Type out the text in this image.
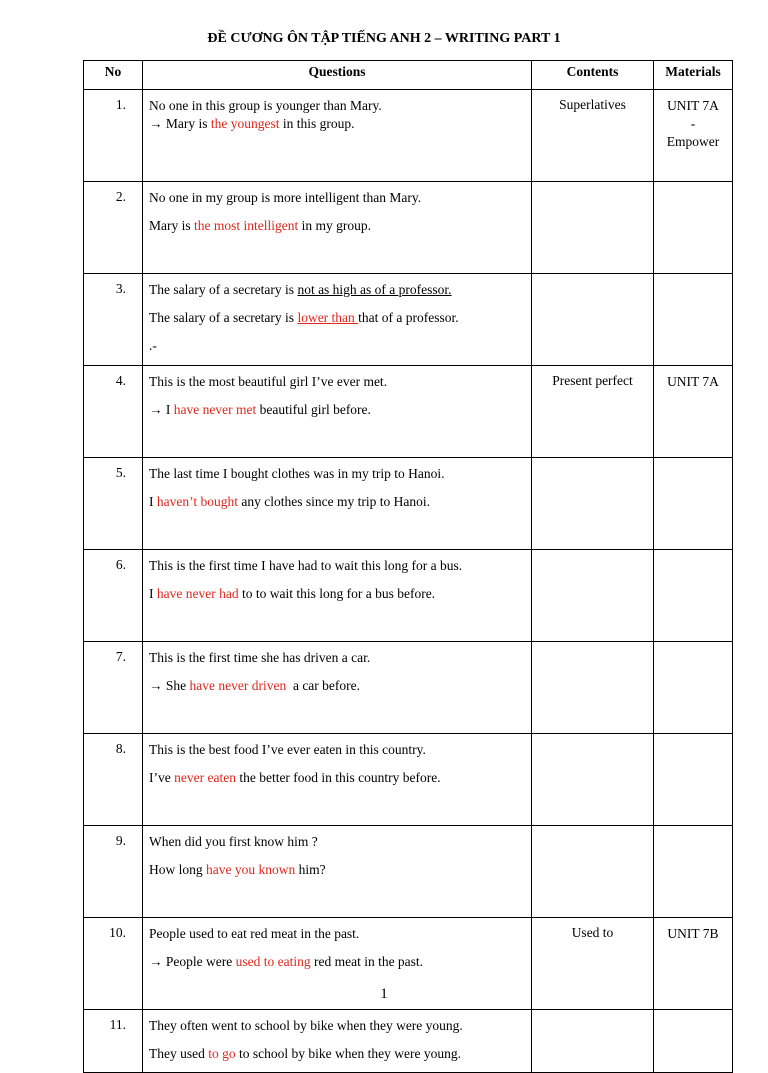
ĐỀ CƯƠNG ÔN TẬP TIẾNG ANH 2 – WRITING PART 1
No	Questions	Contents	Materials
1.	No one in this group is younger than Mary.
→ Mary is the youngest in this group.	Superlatives	UNIT 7A
-
Empower

2.	No one in my group is more intelligent than Mary.
Mary is the most intelligent in my group.		

3.	The salary of a secretary is not as high as of a professor.
The salary of a secretary is lower than that of a professor.
.-		

4.	This is the most beautiful girl I’ve ever met.
→ I have never met beautiful girl before.	Present perfect	UNIT 7A

5.	The last time I bought clothes was in my trip to Hanoi.
I haven’t bought any clothes since my trip to Hanoi.		

6.	This is the first time I have had to wait this long for a bus.
I have never had to to wait this long for a bus before.		

7.	This is the first time she has driven a car.
→ She have never driven  a car before.		

8.	This is the best food I’ve ever eaten in this country.
I’ve never eaten the better food in this country before.		

9.	When did you first know him ?
How long have you known him?		

10.	People used to eat red meat in the past.
→ People were used to eating red meat in the past.	Used to	UNIT 7B

11.	They often went to school by bike when they were young.
They used to go to school by bike when they were young.		

1
